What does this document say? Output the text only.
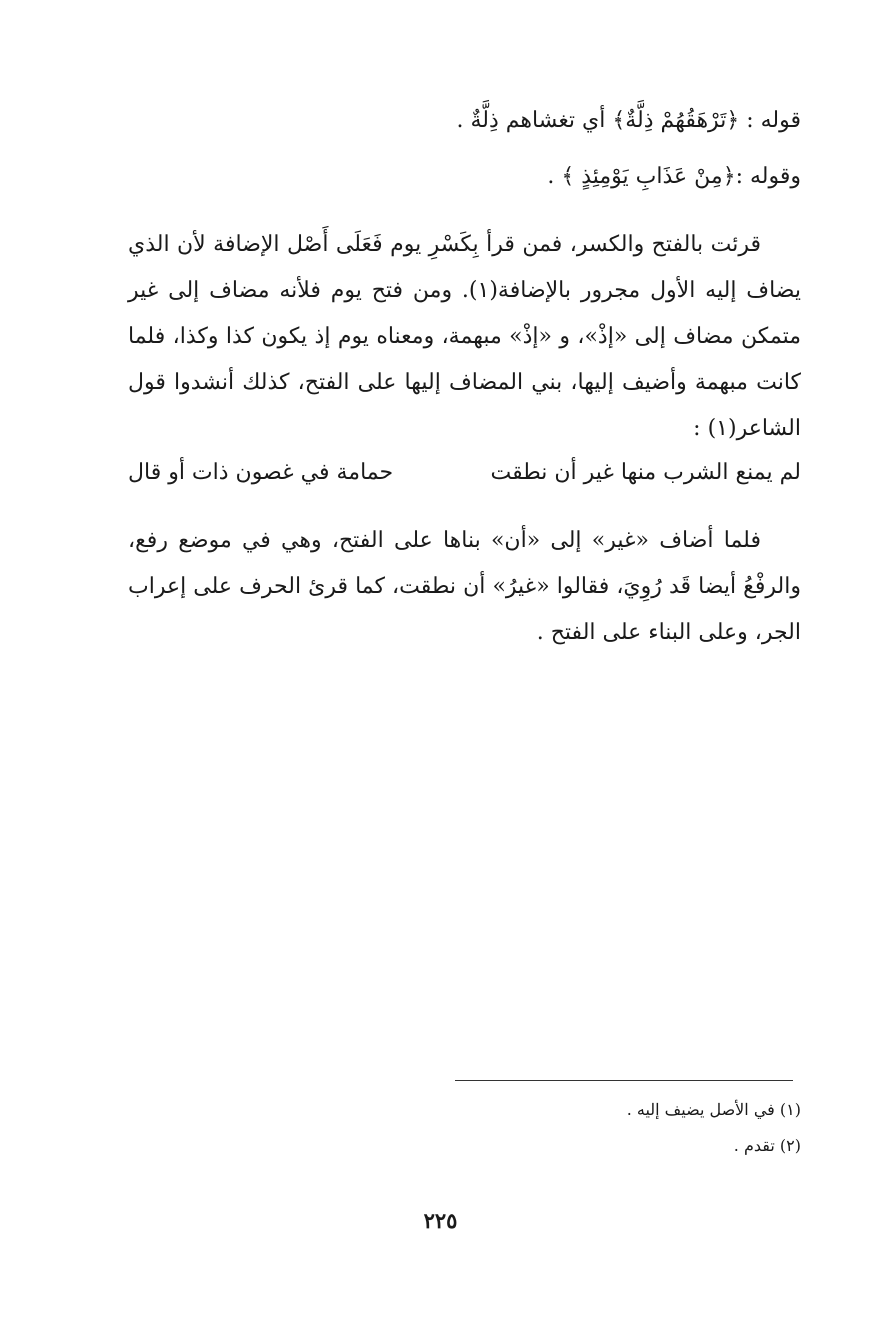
قوله : ﴿تَرْهَقُهُمْ ذِلَّةٌ﴾ أي تغشاهم ذِلَّةٌ .
وقوله :﴿مِنْ عَذَابِ يَوْمِئِذٍ ﴾ .
قرئت بالفتح والكسر، فمن قرأ بِكَسْرِ يوم فَعَلَى أَصْل الإضافة لأن الذي يضاف إليه الأول مجرور بالإضافة(١). ومن فتح يوم فلأنه مضاف إلى غير متمكن مضاف إلى «إذْ»، و «إذْ» مبهمة، ومعناه يوم إذ يكون كذا وكذا، فلما كانت مبهمة وأضيف إليها، بني المضاف إليها على الفتح، كذلك أنشدوا قول الشاعر(١) :
لم يمنع الشرب منها غير أن نطقت
حمامة في غصون ذات أو قال
فلما أضاف «غير» إلى «أن» بناها على الفتح، وهي في موضع رفع، والرفْعُ أيضا قَد رُوِيَ، فقالوا «غيرُ» أن نطقت، كما قرئ الحرف على إعراب الجر، وعلى البناء على الفتح .
(١) في الأصل يضيف إليه .
(٢) تقدم .
٢٢٥
